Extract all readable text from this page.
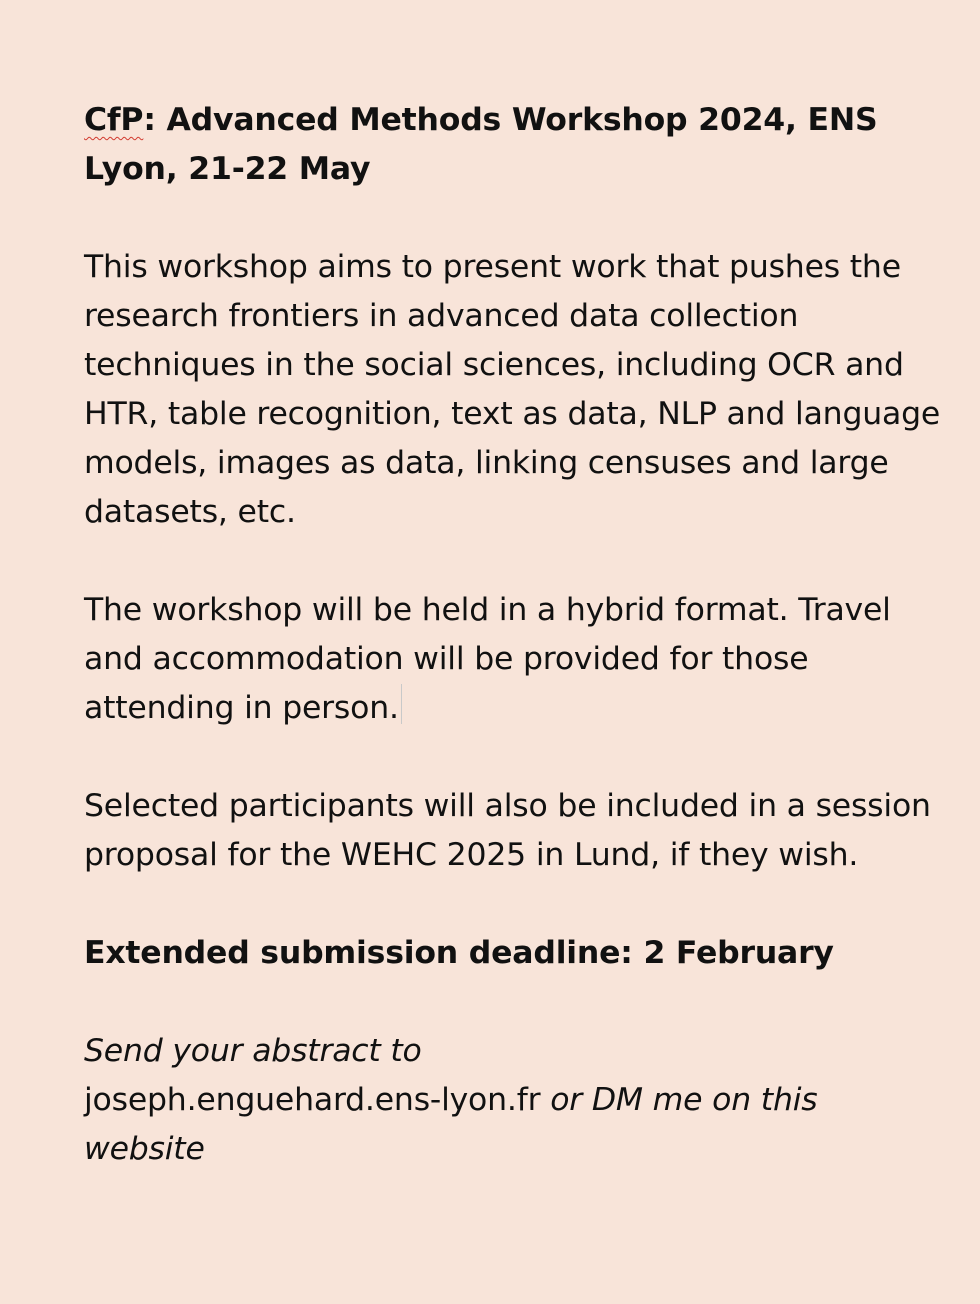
CfP: Advanced Methods Workshop 2024, ENS Lyon, 21-22 May

This workshop aims to present work that pushes the research frontiers in advanced data collection techniques in the social sciences, including OCR and HTR, table recognition, text as data, NLP and language models, images as data, linking censuses and large datasets, etc.

The workshop will be held in a hybrid format. Travel and accommodation will be provided for those attending in person.

Selected participants will also be included in a session proposal for the WEHC 2025 in Lund, if they wish.

Extended submission deadline: 2 February

Send your abstract to
joseph.enguehard.ens-lyon.fr or DM me on this website
